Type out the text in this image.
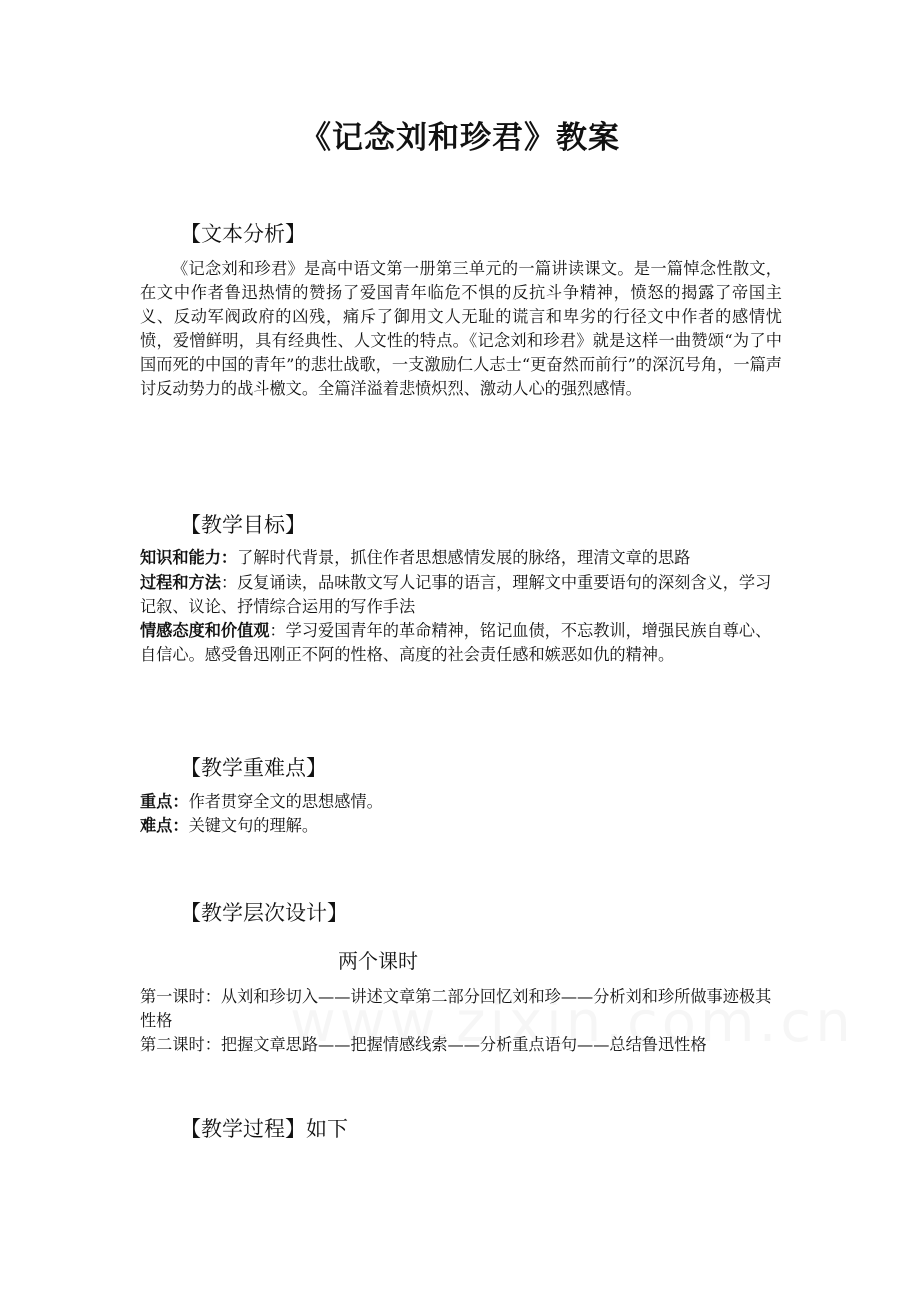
《记念刘和珍君》教案
【文本分析】
《记念刘和珍君》是高中语文第一册第三单元的一篇讲读课文。是一篇悼念性散文，在文中作者鲁迅热情的赞扬了爱国青年临危不惧的反抗斗争精神，愤怒的揭露了帝国主义、反动军阀政府的凶残，痛斥了御用文人无耻的谎言和卑劣的行径文中作者的感情忧愤，爱憎鲜明，具有经典性、人文性的特点。《记念刘和珍君》就是这样一曲赞颂“为了中国而死的中国的青年”的悲壮战歌，一支激励仁人志士“更奋然而前行”的深沉号角，一篇声讨反动势力的战斗檄文。全篇洋溢着悲愤炽烈、激动人心的强烈感情。
【教学目标】
知识和能力：了解时代背景，抓住作者思想感情发展的脉络，理清文章的思路
过程和方法：反复诵读，品味散文写人记事的语言，理解文中重要语句的深刻含义，学习记叙、议论、抒情综合运用的写作手法
情感态度和价值观：学习爱国青年的革命精神，铭记血债，不忘教训，增强民族自尊心、自信心。感受鲁迅刚正不阿的性格、高度的社会责任感和嫉恶如仇的精神。
【教学重难点】
重点：作者贯穿全文的思想感情。
难点：关键文句的理解。
【教学层次设计】
两个课时
第一课时：从刘和珍切入——讲述文章第二部分回忆刘和珍——分析刘和珍所做事迹极其性格
第二课时：把握文章思路——把握情感线索——分析重点语句——总结鲁迅性格
【教学过程】如下
